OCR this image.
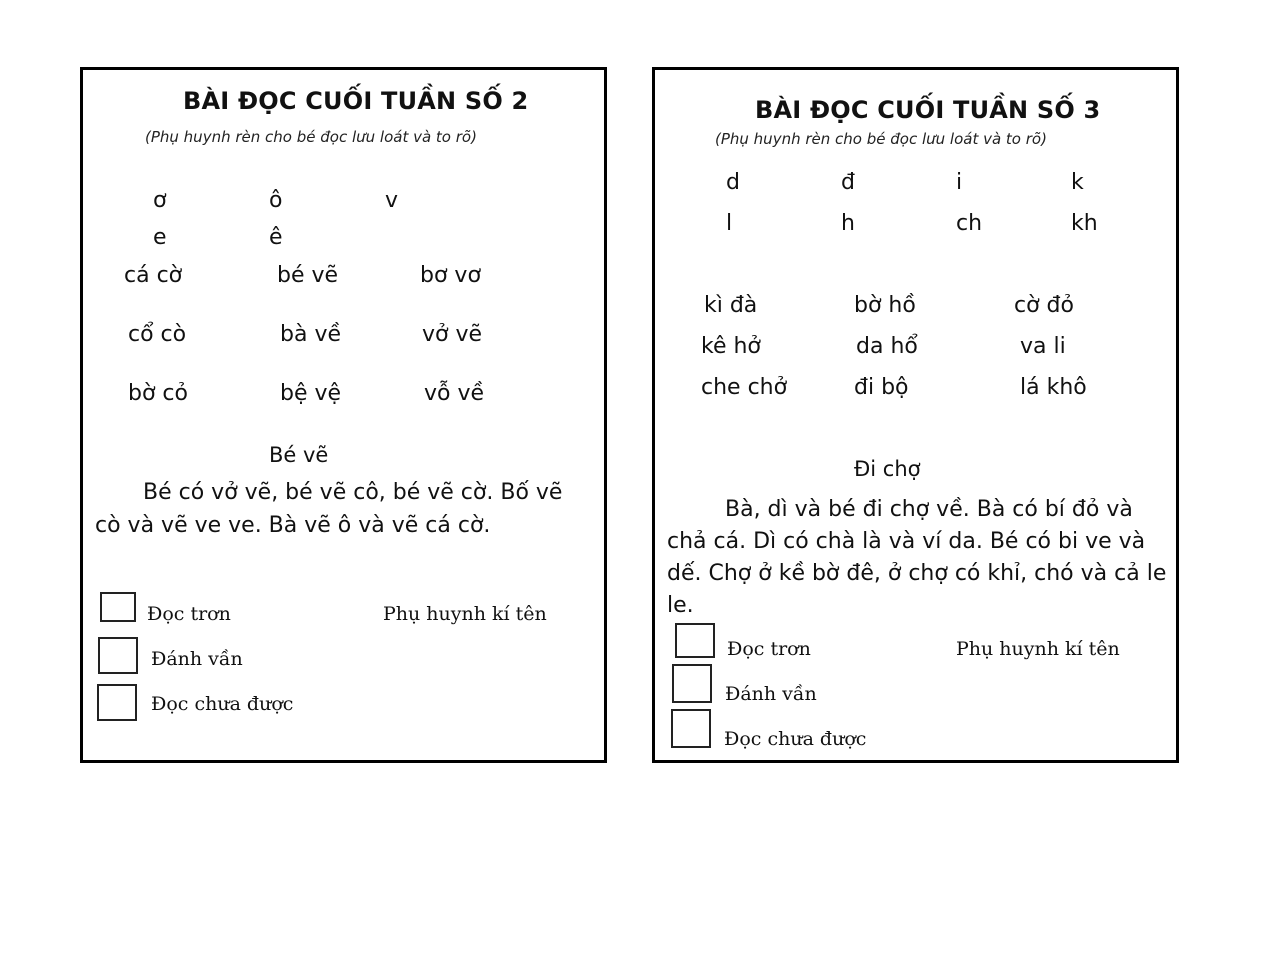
BÀI ĐỌC CUỐI TUẦN SỐ 2
(Phụ huynh rèn cho bé đọc lưu loát và to rõ)
ơ	ô	v
e	ê
cá cờ	bé vẽ	bơ vơ
cổ cò	bà về	vở vẽ
bờ cỏ	bệ vệ	vỗ về
Bé vẽ
Bé có vở vẽ, bé vẽ cô, bé vẽ cờ. Bố vẽ cò và vẽ ve ve. Bà vẽ ô và vẽ cá cờ.
Đọc trơn
Đánh vần
Đọc chưa được
Phụ huynh kí tên
BÀI ĐỌC CUỐI TUẦN SỐ 3
(Phụ huynh rèn cho bé đọc lưu loát và to rõ)
d	đ	i	k
l	h	ch	kh
kì đà	bờ hồ	cờ đỏ
kê hở	da hổ	va li
che chở	đi bộ	lá khô
Đi chợ
Bà, dì và bé đi chợ về. Bà có bí đỏ và chả cá. Dì có chà là và ví da. Bé có bi ve và dế. Chợ ở kề bờ đê, ở chợ có khỉ, chó và cả le le.
Đọc trơn
Đánh vần
Đọc chưa được
Phụ huynh kí tên
